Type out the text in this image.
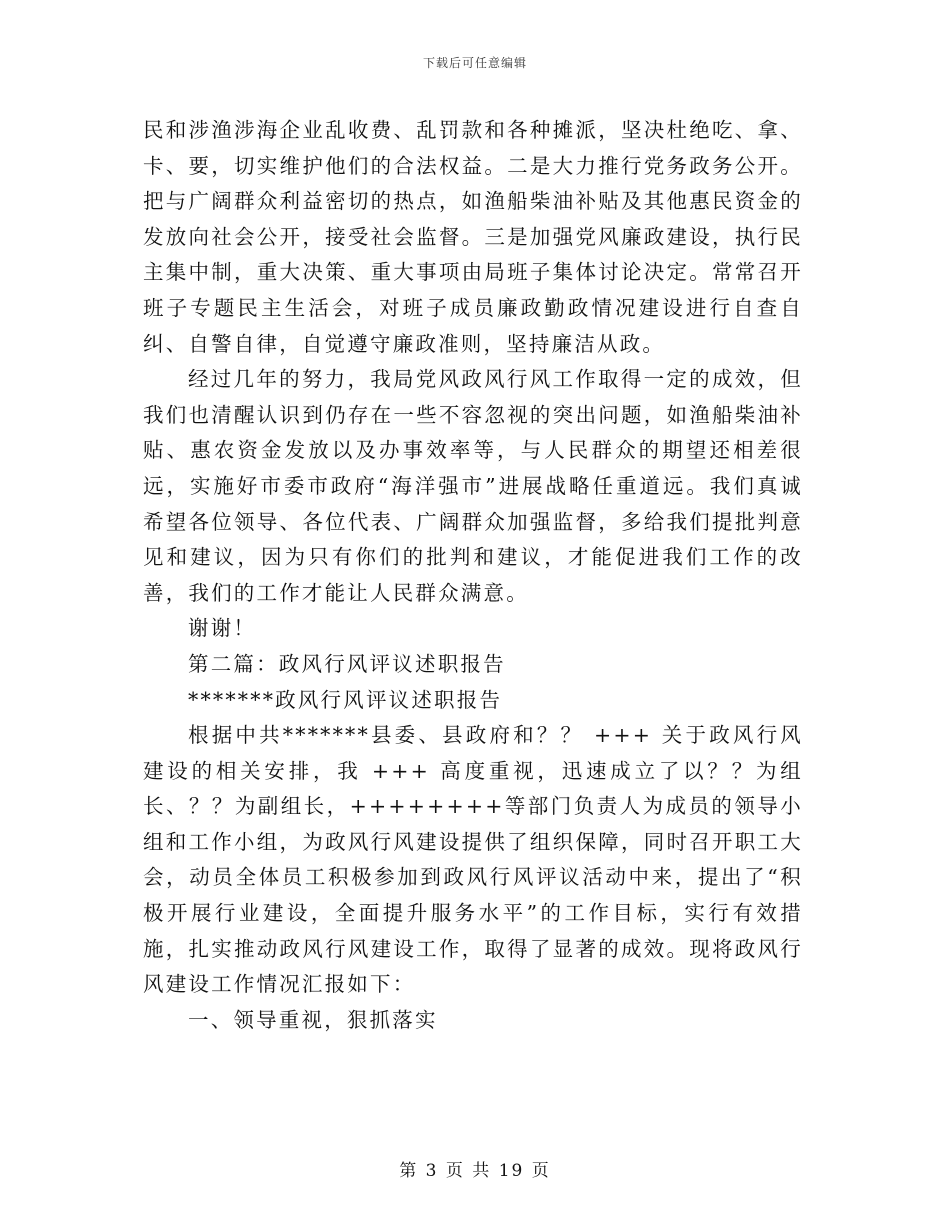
下载后可任意编辑

民和涉渔涉海企业乱收费、乱罚款和各种摊派，坚决杜绝吃、拿、卡、要，切实维护他们的合法权益。二是大力推行党务政务公开。把与广阔群众利益密切的热点，如渔船柴油补贴及其他惠民资金的发放向社会公开，接受社会监督。三是加强党风廉政建设，执行民主集中制，重大决策、重大事项由局班子集体讨论决定。常常召开班子专题民主生活会，对班子成员廉政勤政情况建设进行自查自纠、自警自律，自觉遵守廉政准则，坚持廉洁从政。

经过几年的努力，我局党风政风行风工作取得一定的成效，但我们也清醒认识到仍存在一些不容忽视的突出问题，如渔船柴油补贴、惠农资金发放以及办事效率等，与人民群众的期望还相差很远，实施好市委市政府“海洋强市”进展战略任重道远。我们真诚希望各位领导、各位代表、广阔群众加强监督，多给我们提批判意见和建议，因为只有你们的批判和建议，才能促进我们工作的改善，我们的工作才能让人民群众满意。

谢谢！

第二篇：政风行风评议述职报告

*******政风行风评议述职报告

根据中共*******县委、县政府和？？ +++ 关于政风行风建设的相关安排，我 +++ 高度重视，迅速成立了以？？为组长、？？为副组长，++++++++等部门负责人为成员的领导小组和工作小组，为政风行风建设提供了组织保障，同时召开职工大会，动员全体员工积极参加到政风行风评议活动中来，提出了“积极开展行业建设，全面提升服务水平”的工作目标，实行有效措施，扎实推动政风行风建设工作，取得了显著的成效。现将政风行风建设工作情况汇报如下：

一、领导重视，狠抓落实

第 3 页 共 19 页
